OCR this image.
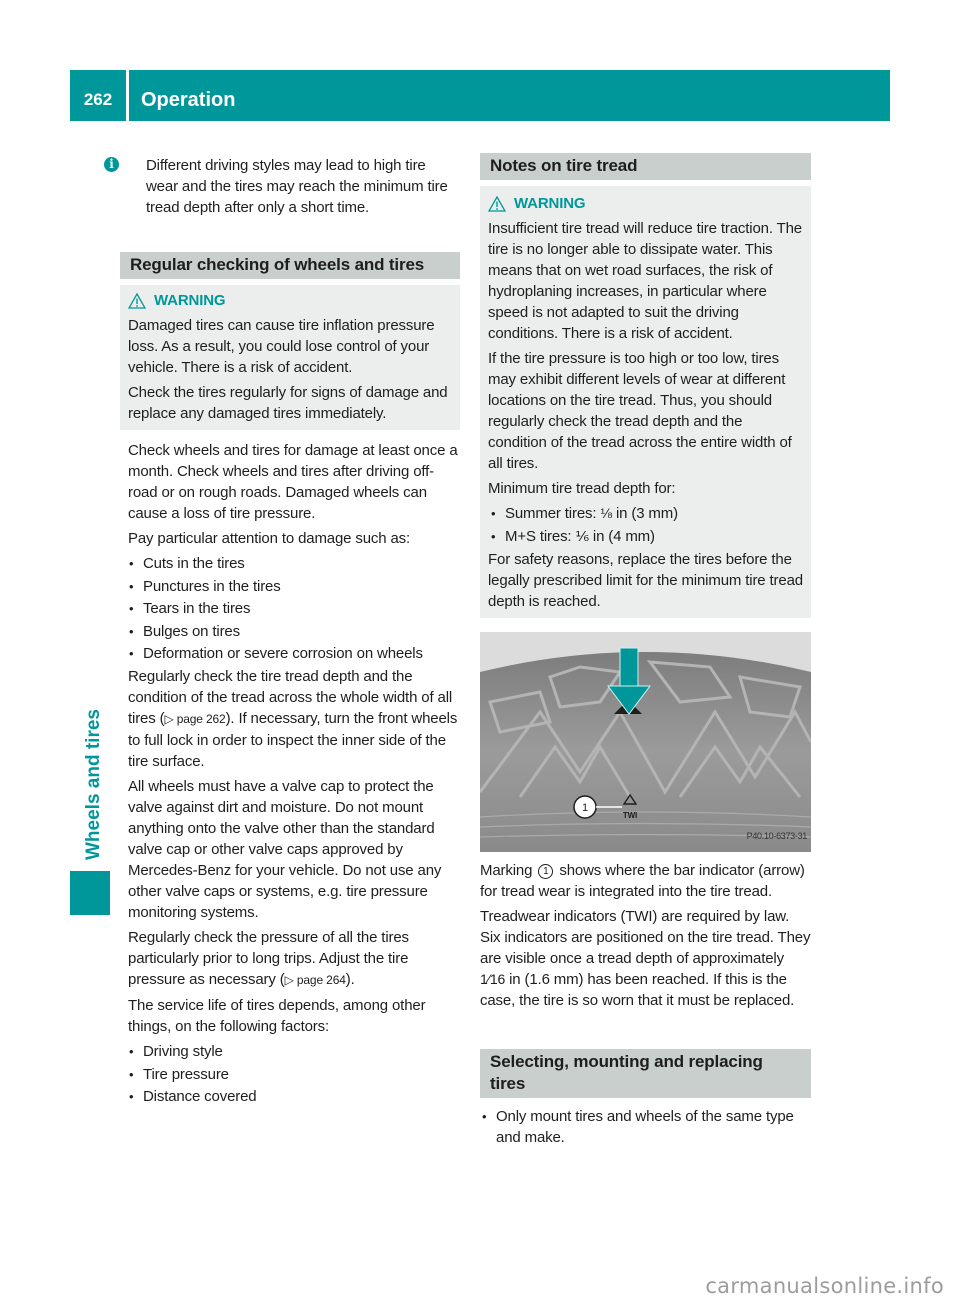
262	Operation
Wheels and tires

i	Different driving styles may lead to high tire wear and the tires may reach the minimum tire tread depth after only a short time.

Regular checking of wheels and tires
WARNING

Damaged tires can cause tire inflation pressure loss. As a result, you could lose control of your vehicle. There is a risk of accident.

Check the tires regularly for signs of damage and replace any damaged tires immediately.

Check wheels and tires for damage at least once a month. Check wheels and tires after driving off-road or on rough roads. Damaged wheels can cause a loss of tire pressure.

Pay particular attention to damage such as:

• Cuts in the tires
• Punctures in the tires
• Tears in the tires
• Bulges on tires
• Deformation or severe corrosion on wheels

Regularly check the tire tread depth and the condition of the tread across the whole width of all tires (▷ page 262). If necessary, turn the front wheels to full lock in order to inspect the inner side of the tire surface.

All wheels must have a valve cap to protect the valve against dirt and moisture. Do not mount anything onto the valve other than the standard valve cap or other valve caps approved by Mercedes-Benz for your vehicle. Do not use any other valve caps or systems, e.g. tire pressure monitoring systems.

Regularly check the pressure of all the tires particularly prior to long trips. Adjust the tire pressure as necessary (▷ page 264).

The service life of tires depends, among other things, on the following factors:

• Driving style
• Tire pressure
• Distance covered
Notes on tire tread
WARNING

Insufficient tire tread will reduce tire traction. The tire is no longer able to dissipate water. This means that on wet road surfaces, the risk of hydroplaning increases, in particular where speed is not adapted to suit the driving conditions. There is a risk of accident.

If the tire pressure is too high or too low, tires may exhibit different levels of wear at different locations on the tire tread. Thus, you should regularly check the tread depth and the condition of the tread across the entire width of all tires.

Minimum tire tread depth for:

• Summer tires: ⅛ in (3 mm)
• M+S tires: ⅙ in (4 mm)

For safety reasons, replace the tires before the legally prescribed limit for the minimum tire tread depth is reached.

1
TWI
P40.10-6373-31

Marking 1 shows where the bar indicator (arrow) for tread wear is integrated into the tire tread.

Treadwear indicators (TWI) are required by law. Six indicators are positioned on the tire tread. They are visible once a tread depth of approximately 1⁄16 in (1.6 mm) has been reached. If this is the case, the tire is so worn that it must be replaced.

Selecting, mounting and replacing tires
• Only mount tires and wheels of the same type and make.
carmanualsonline.info
